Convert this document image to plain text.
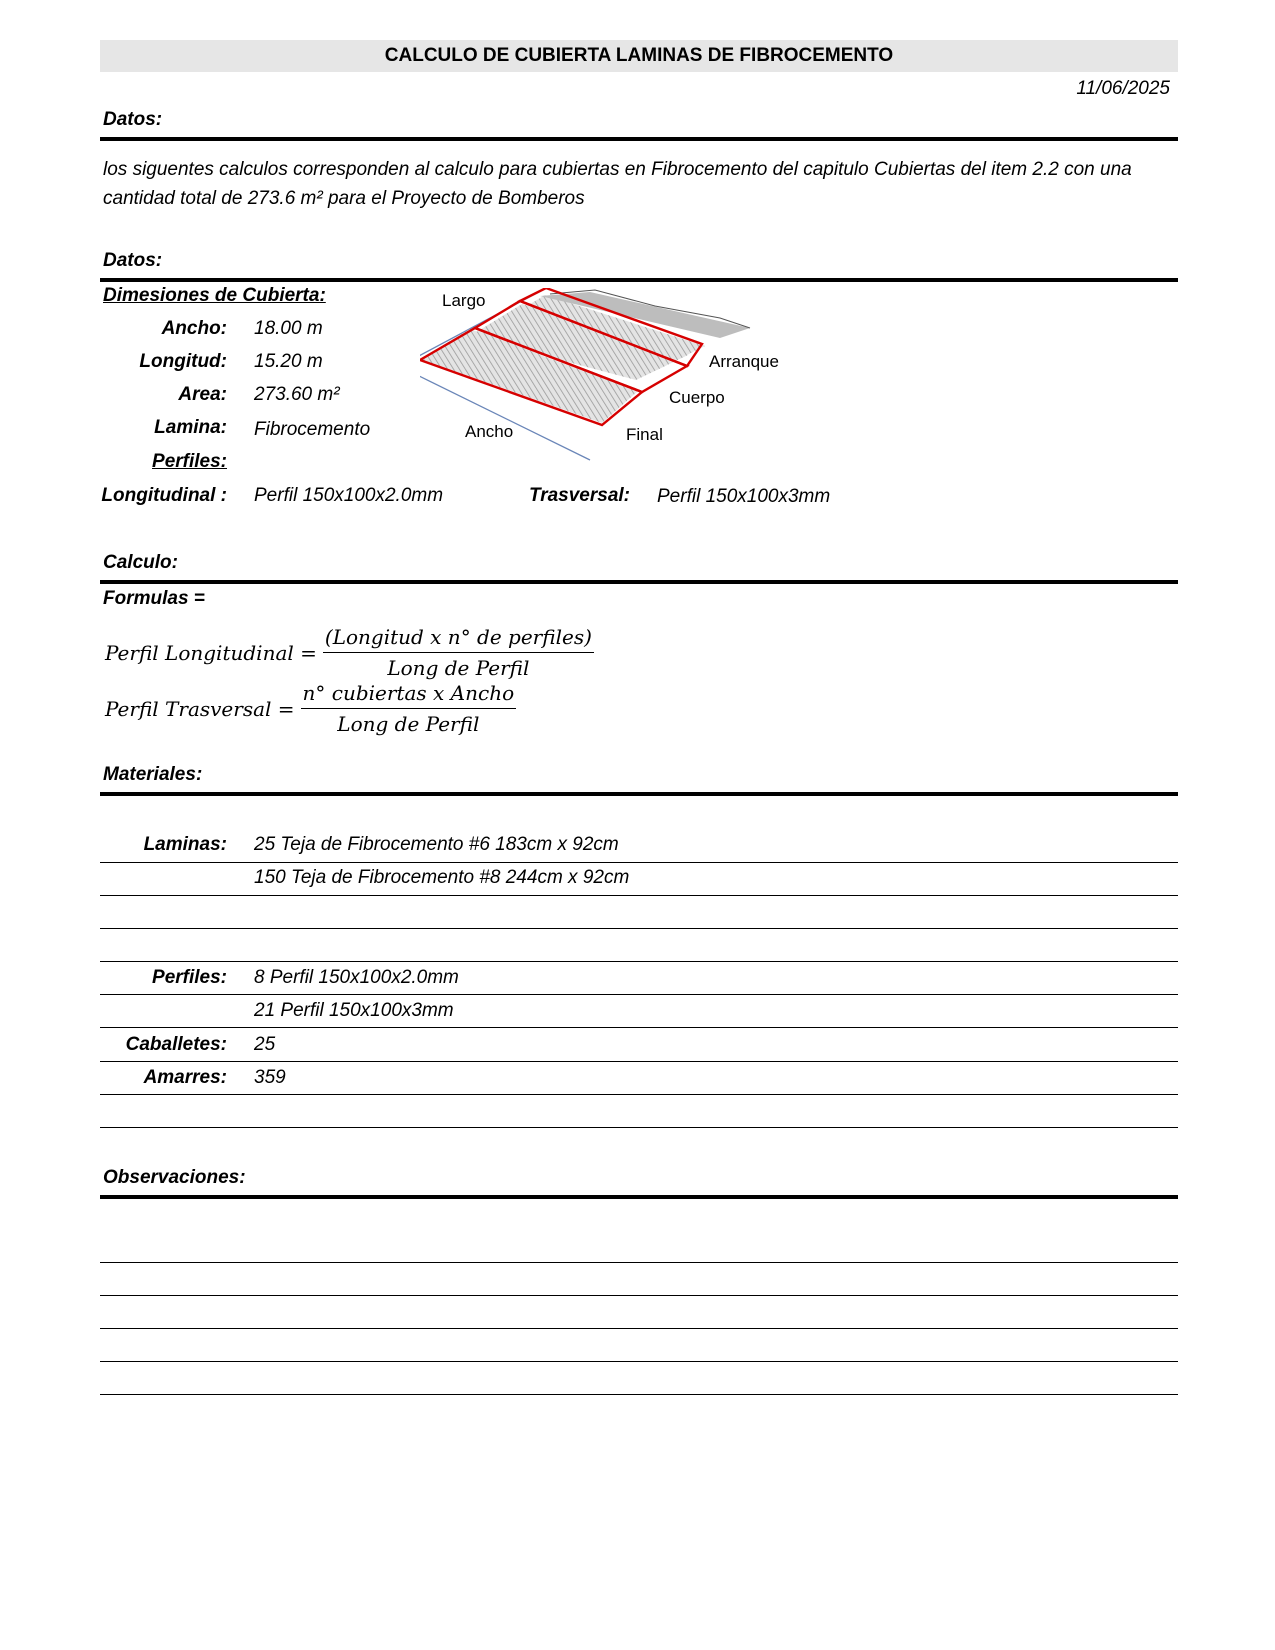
CALCULO DE CUBIERTA LAMINAS DE FIBROCEMENTO
11/06/2025
Datos:
los siguentes calculos corresponden al calculo para cubiertas en Fibrocemento del capitulo Cubiertas del item 2.2 con una cantidad total de 273.6 m² para el Proyecto de Bomberos
Datos:
Dimesiones de Cubierta:
Ancho: 18.00 m
Longitud: 15.20 m
Area: 273.60 m²
Lamina: Fibrocemento
Perfiles:
Longitudinal : Perfil 150x100x2.0mm	Trasversal: Perfil 150x100x3mm
Largo
Arranque
Cuerpo
Ancho	Final
Calculo:
Formulas =
Perfil Longitudinal = $\frac{\text{(Longitud x n° de perfiles)}}{\text{Long de Perfil}}$
Perfil Trasversal = $\frac{\text{n° cubiertas x Ancho}}{\text{Long de Perfil}}$
Materiales:
Laminas: 25 Teja de Fibrocemento #6 183cm x 92cm
150 Teja de Fibrocemento #8 244cm x 92cm
Perfiles: 8 Perfil 150x100x2.0mm
21 Perfil 150x100x3mm
Caballetes: 25
Amarres: 359
Observaciones:
